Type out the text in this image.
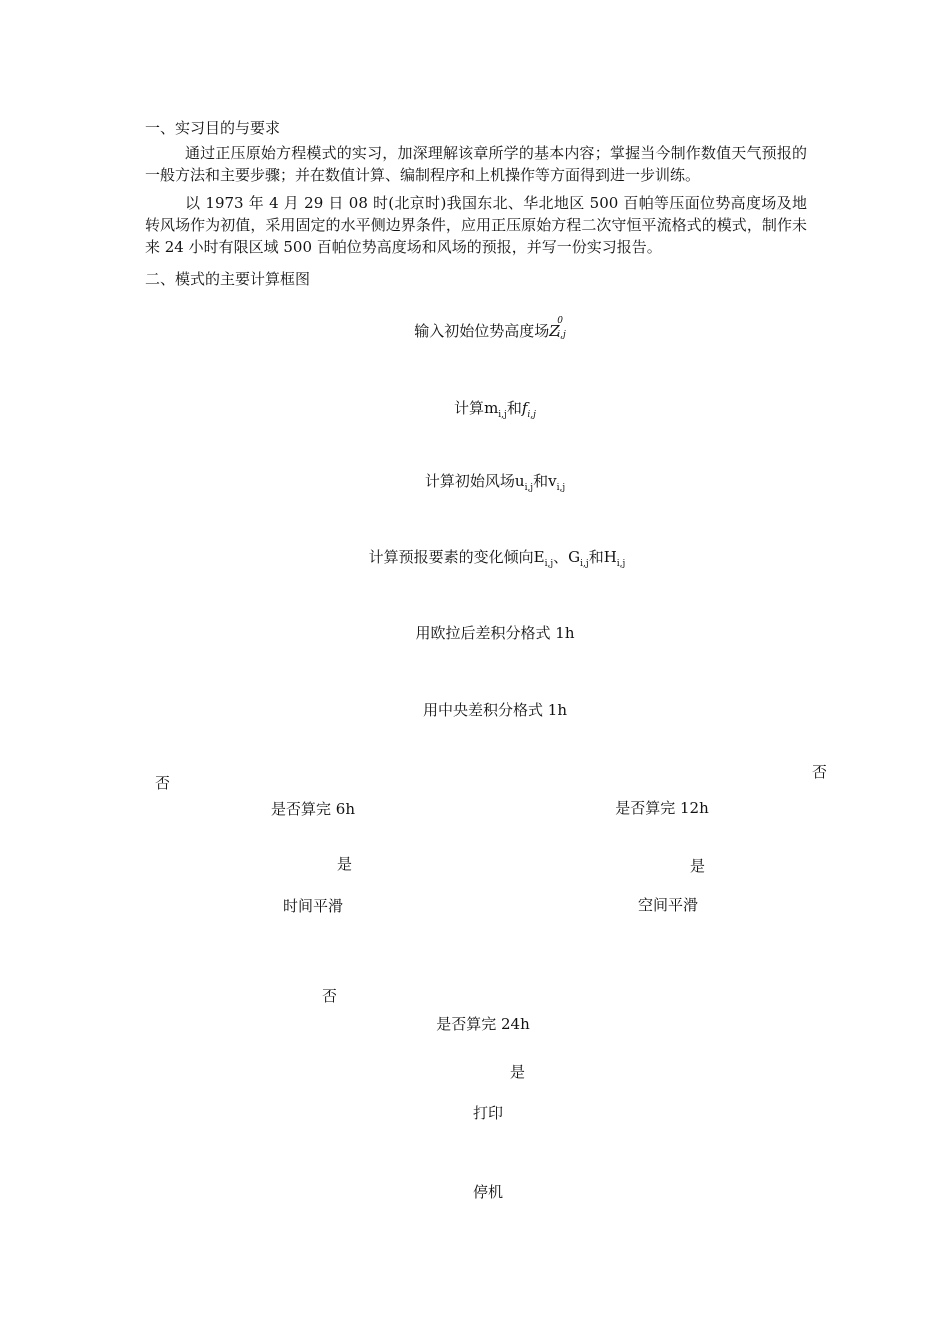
一、实习目的与要求
通过正压原始方程模式的实习，加深理解该章所学的基本内容；掌握当今制作数值天气预报的一般方法和主要步骤；并在数值计算、编制程序和上机操作等方面得到进一步训练。
以 1973 年 4 月 29 日 08 时(北京时)我国东北、华北地区 500 百帕等压面位势高度场及地转风场作为初值，采用固定的水平侧边界条件，应用正压原始方程二次守恒平流格式的模式，制作未来 24 小时有限区域 500 百帕位势高度场和风场的预报，并写一份实习报告。
二、模式的主要计算框图
输入初始位势高度场Z
0
i,j
计算$m_{i,j}$和$f_{i,j}$
计算初始风场$u_{i,j}$和$v_{i,j}$
计算预报要素的变化倾向$E_{i,j}$、$G_{i,j}$和$H_{i,j}$
用欧拉后差积分格式 1h
用中央差积分格式 1h
否
否
是否算完 6h	是否算完 12h
是	是
时间平滑	空间平滑
否
是否算完 24h
是
打印
停机
